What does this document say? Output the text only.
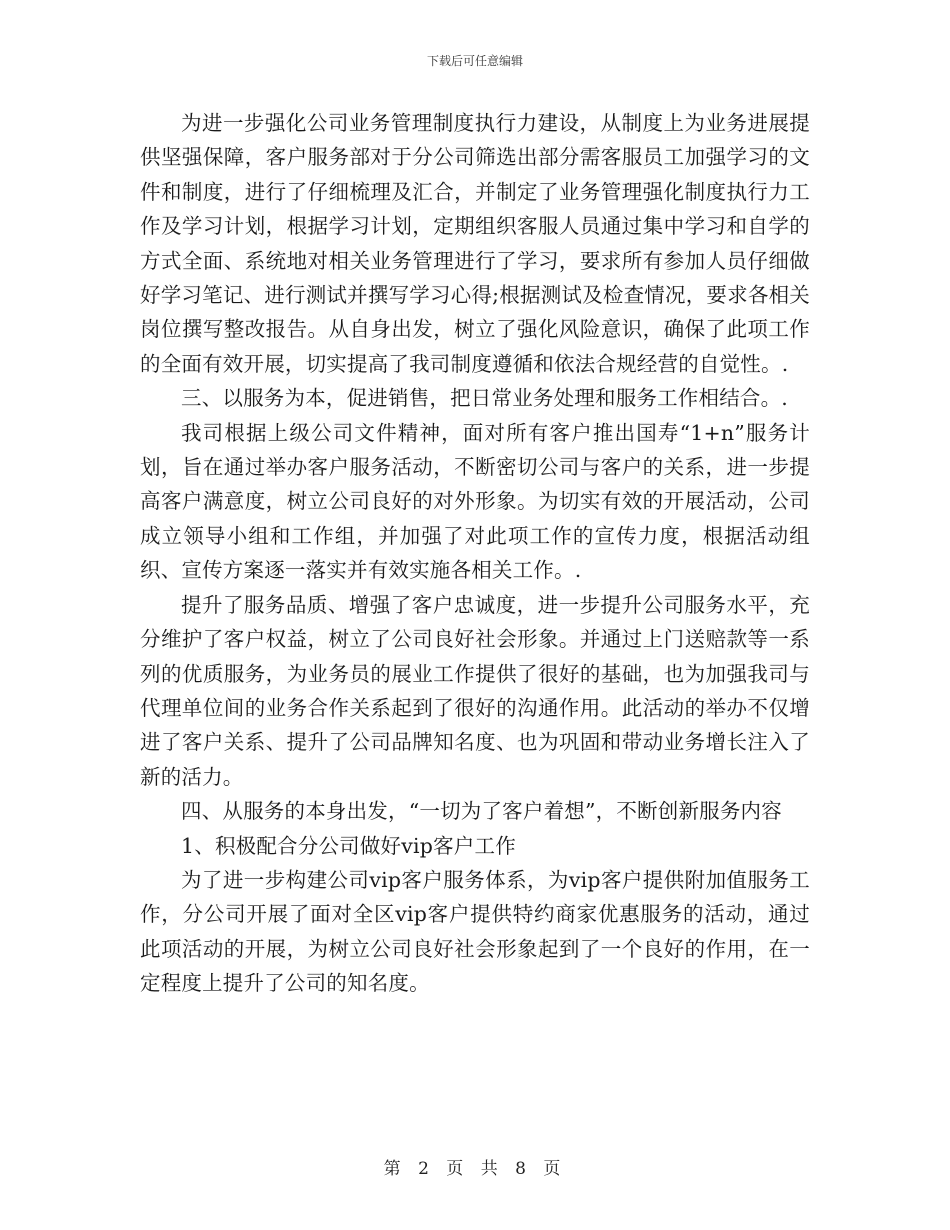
下载后可任意编辑

为进一步强化公司业务管理制度执行力建设，从制度上为业务进展提供坚强保障，客户服务部对于分公司筛选出部分需客服员工加强学习的文件和制度，进行了仔细梳理及汇合，并制定了业务管理强化制度执行力工作及学习计划，根据学习计划，定期组织客服人员通过集中学习和自学的方式全面、系统地对相关业务管理进行了学习，要求所有参加人员仔细做好学习笔记、进行测试并撰写学习心得;根据测试及检查情况，要求各相关岗位撰写整改报告。从自身出发，树立了强化风险意识，确保了此项工作的全面有效开展，切实提高了我司制度遵循和依法合规经营的自觉性。.

三、以服务为本，促进销售，把日常业务处理和服务工作相结合。.

我司根据上级公司文件精神，面对所有客户推出国寿“1+n”服务计划，旨在通过举办客户服务活动，不断密切公司与客户的关系，进一步提高客户满意度，树立公司良好的对外形象。为切实有效的开展活动，公司成立领导小组和工作组，并加强了对此项工作的宣传力度，根据活动组织、宣传方案逐一落实并有效实施各相关工作。.

提升了服务品质、增强了客户忠诚度，进一步提升公司服务水平，充分维护了客户权益，树立了公司良好社会形象。并通过上门送赔款等一系列的优质服务，为业务员的展业工作提供了很好的基础，也为加强我司与代理单位间的业务合作关系起到了很好的沟通作用。此活动的举办不仅增进了客户关系、提升了公司品牌知名度、也为巩固和带动业务增长注入了新的活力。

四、从服务的本身出发，“一切为了客户着想”，不断创新服务内容

1、积极配合分公司做好vip客户工作

为了进一步构建公司vip客户服务体系，为vip客户提供附加值服务工作，分公司开展了面对全区vip客户提供特约商家优惠服务的活动，通过此项活动的开展，为树立公司良好社会形象起到了一个良好的作用，在一定程度上提升了公司的知名度。

第 2 页 共 8 页
